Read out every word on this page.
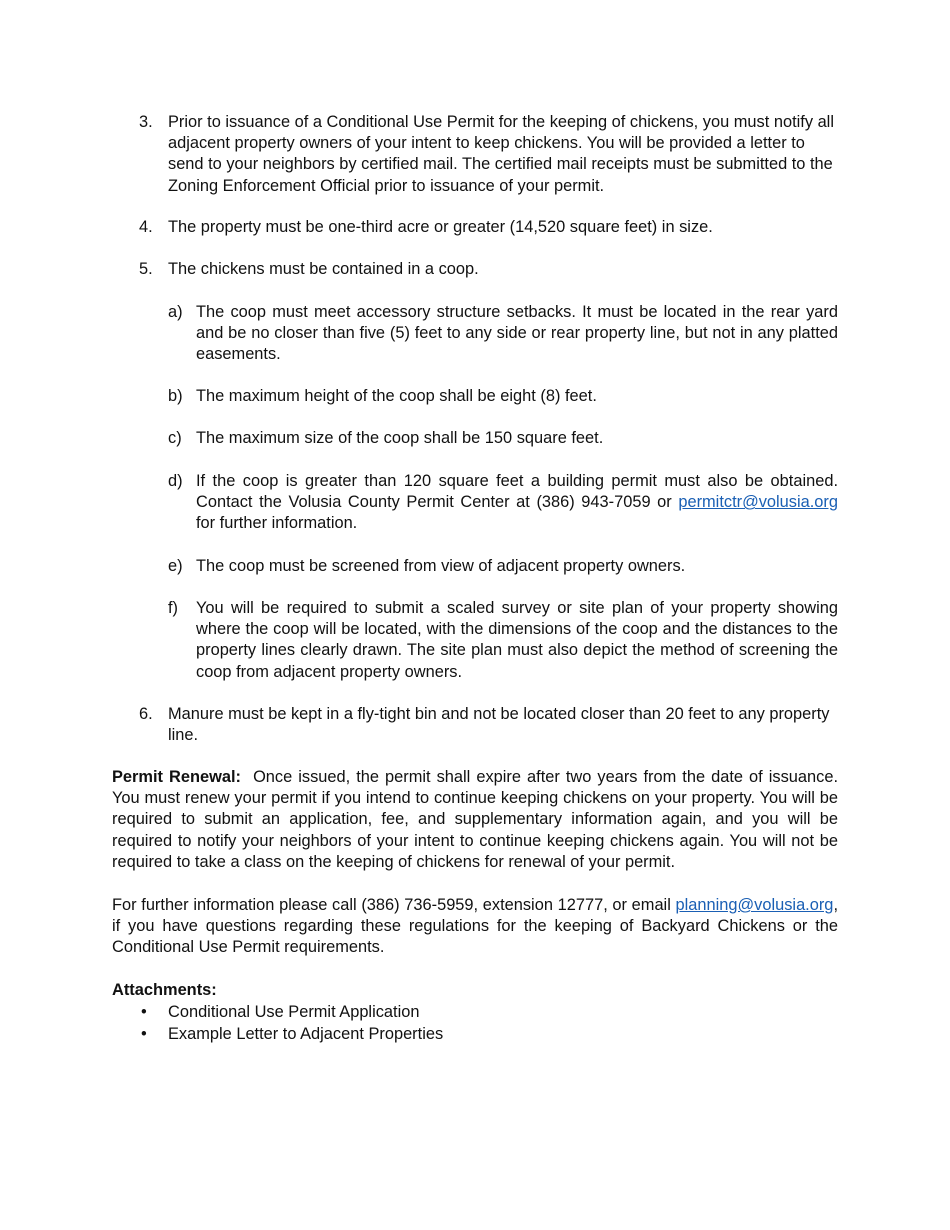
3. Prior to issuance of a Conditional Use Permit for the keeping of chickens, you must notify all adjacent property owners of your intent to keep chickens. You will be provided a letter to send to your neighbors by certified mail. The certified mail receipts must be submitted to the Zoning Enforcement Official prior to issuance of your permit.
4. The property must be one-third acre or greater (14,520 square feet) in size.
5. The chickens must be contained in a coop.
a) The coop must meet accessory structure setbacks. It must be located in the rear yard and be no closer than five (5) feet to any side or rear property line, but not in any platted easements.
b) The maximum height of the coop shall be eight (8) feet.
c) The maximum size of the coop shall be 150 square feet.
d) If the coop is greater than 120 square feet a building permit must also be obtained. Contact the Volusia County Permit Center at (386) 943-7059 or permitctr@volusia.org for further information.
e) The coop must be screened from view of adjacent property owners.
f) You will be required to submit a scaled survey or site plan of your property showing where the coop will be located, with the dimensions of the coop and the distances to the property lines clearly drawn. The site plan must also depict the method of screening the coop from adjacent property owners.
6. Manure must be kept in a fly-tight bin and not be located closer than 20 feet to any property line.
Permit Renewal: Once issued, the permit shall expire after two years from the date of issuance. You must renew your permit if you intend to continue keeping chickens on your property. You will be required to submit an application, fee, and supplementary information again, and you will be required to notify your neighbors of your intent to continue keeping chickens again. You will not be required to take a class on the keeping of chickens for renewal of your permit.
For further information please call (386) 736-5959, extension 12777, or email planning@volusia.org, if you have questions regarding these regulations for the keeping of Backyard Chickens or the Conditional Use Permit requirements.
Attachments:
• Conditional Use Permit Application
• Example Letter to Adjacent Properties
